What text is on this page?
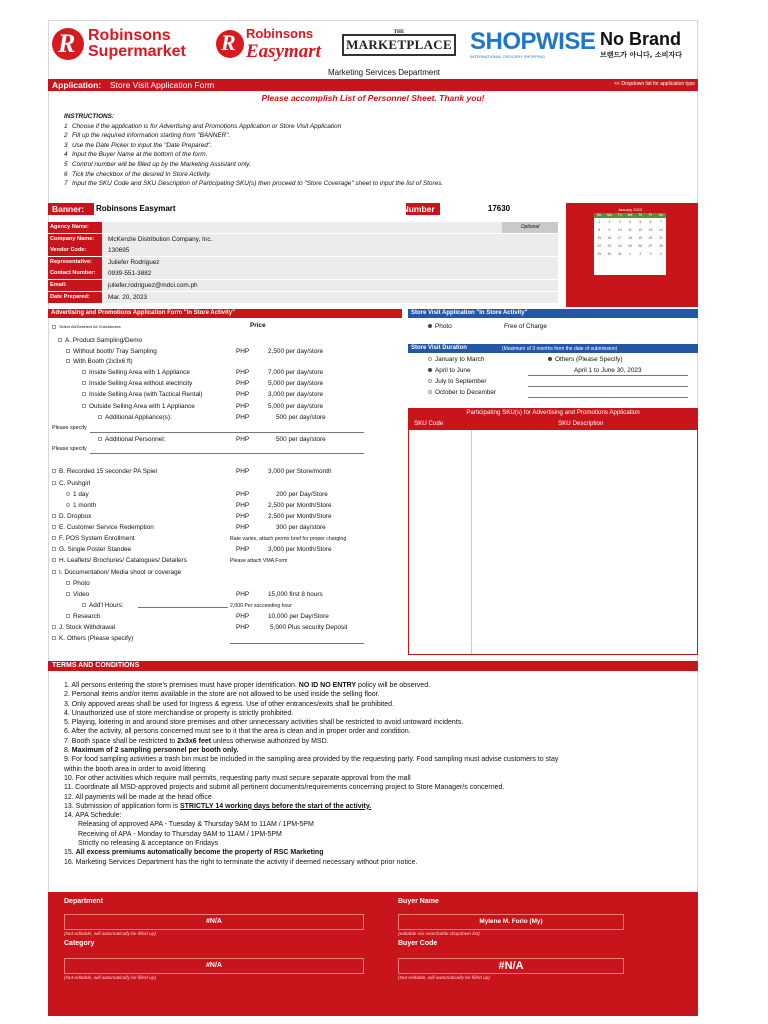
R Robinsons
Supermarket R Robinsons
Easymart
THE
MARKETPLACE SHOPWISE
INTERNATIONAL GROCERY SHOPPING
No Brand
브랜드가 아니다, 소비자다
Marketing Services Department
Application: Store Visit Application Form	<< Dropdown list for application type
Please accomplish List of Personnel Sheet. Thank you!
INSTRUCTIONS:
1 Choose if the application is for Advertising and Promotions Application or Store Visit Application
2 Fill up the required information starting from "BANNER".
3 Use the Date Picker to input the "Date Prepared".
4 Input the Buyer Name at the bottom of the form.
5 Control number will be filled up by the Marketing Assistant only.
6 Tick the checkbox of the desired In Store Activity.
7 Input the SKU Code and SKU Description of Participating SKU(s) then proceed to "Store Coverage" sheet to input the list of Stores.
Banner: Robinsons Easymart	Control Number	17630
Agency Name:	Optional
Company Name:	McKenzie Distribution Company, Inc.
Vendor Code:	130695
Representative:	Juliefer Rodriguez
Contact Number:	0939-551-3882
Email:	juliefer.rodriguez@mdci.com.ph
Date Prepared:	Mar. 20, 2023
January 2023
Su	Mo	Tu	We	Th	Fr	Sa
1	2	3	4	5	6	7
8	9	10	11	12	13	14
15	16	17	18	19	20	21
22	23	24	25	26	27	28
29	30	31	1	2	3	4
Advertising and Promotions Application Form "In Store Activity"
A. Product Sampling/Demo
Without booth/ Tray Sampling	PHP	2,500 per day/store
With Booth (2x3x6 ft)
Inside Selling Area with 1 Appliance	PHP	7,000 per day/store
Inside Selling Area without electricity	PHP	5,000 per day/store
Inside Selling Area (with Tactical Rental)	PHP	3,000 per day/store
Outside Selling Area with 1 Appliance	PHP	5,000 per day/store
Additional Appliance(s):	PHP	500 per day/store
Additional Personnel:	PHP	500 per day/store
B. Recorded 15 seconder PA Spiel	PHP	3,000 per Store/month
C. Pushgirl
1 day	PHP	200 per Day/Store
1 month	PHP	2,500 per Month/Store
D. Dropbox	PHP	2,500 per Month/Store
E. Customer Service Redemption	PHP	300 per day/store
F. POS System Enrollment	Rate varies, attach promo brief for proper charging
G. Single Poster Standee	PHP	3,000 per Month/Store
H. Leaflets/ Brochures/ Catalogues/ Detailers	Please attach VMA Form
I. Documentation/ Media shoot or coverage
Photo
Video	PHP	15,000 first 8 hours
Add'l Hours:	2,000 Per succeeding hour
Research	PHP	10,000 per Day/Store
J. Stock Withdrawal	PHP	5,000 Plus security Deposit
K. Others (Please specify)
Select All/Deselect All Checkboxes	Price
Please specify
Please specify
Store Visit Application "In Store Activity"
Photo	Free of Charge
Store Visit Duration	(Maximum of 3 months from the date of submission)
January to March
April to June
July to September
October to December
Others (Please Specify)
April 1 to June 30, 2023
Participating SKU(s) for Advertising and Promotions Application
SKU Code	SKU Description
TERMS AND CONDITIONS

1. All persons entering the store's premises must have proper identification. NO ID NO ENTRY policy will be observed.

2. Personal items and/or items available in the store are not allowed to be used inside the selling floor.

3. Only appoved areas shall be used for Ingress & egress. Use of other entrances/exits shall be prohibited.

4. Unauthorized use of store merchandise or property is strictly prohibited.

5. Playing, loitering in and around store premises and other unnecessary activities shall be restricted to avoid untoward incidents.

6. After the activity, all persons concerned must see to it that the area is clean and in proper order and condition.

7. Booth space shall be restricted to 2x3x6 feet unless otherwise authorized by MSD.

8. Maximum of 2 sampling personnel per booth only.

9. For food sampling activities a trash bin must be included in the sampling area provided by the requesting party. Food sampling must advise customers to stay

within the booth area in order to avoid littering

10. For other activities which require mall permits, requesting party must secure separate approval from the mall

11. Coordinate all MSD-approved projects and submit all pertinent documents/requirements concerning project to Store Manager/s concerned.

12. All payments will be made at the head office

13. Submission of application form is STRICTLY 14 working days before the start of the activity.

14. APA Schedule:

Releasing of approved APA - Tuesday & Thursday 9AM to 11AM / 1PM-5PM

Receiving of APA - Monday to Thursday 9AM to 11AM / 1PM-5PM

Strictly no releasing & acceptance on Fridays

15. All excess premiums automatically become the property of RSC Marketing

16. Marketing Services Department has the right to terminate the activity if deemed necessary without prior notice.

Department
#N/A
(Not editable, will automatically be filled up)
Category
#N/A
(Not editable, will automatically be filled up)
Buyer Name
Mylene M. Forio (My)
(editable via searchable dropdown list)
Buyer Code
#N/A
(Not editable, will automatically be filled up)
